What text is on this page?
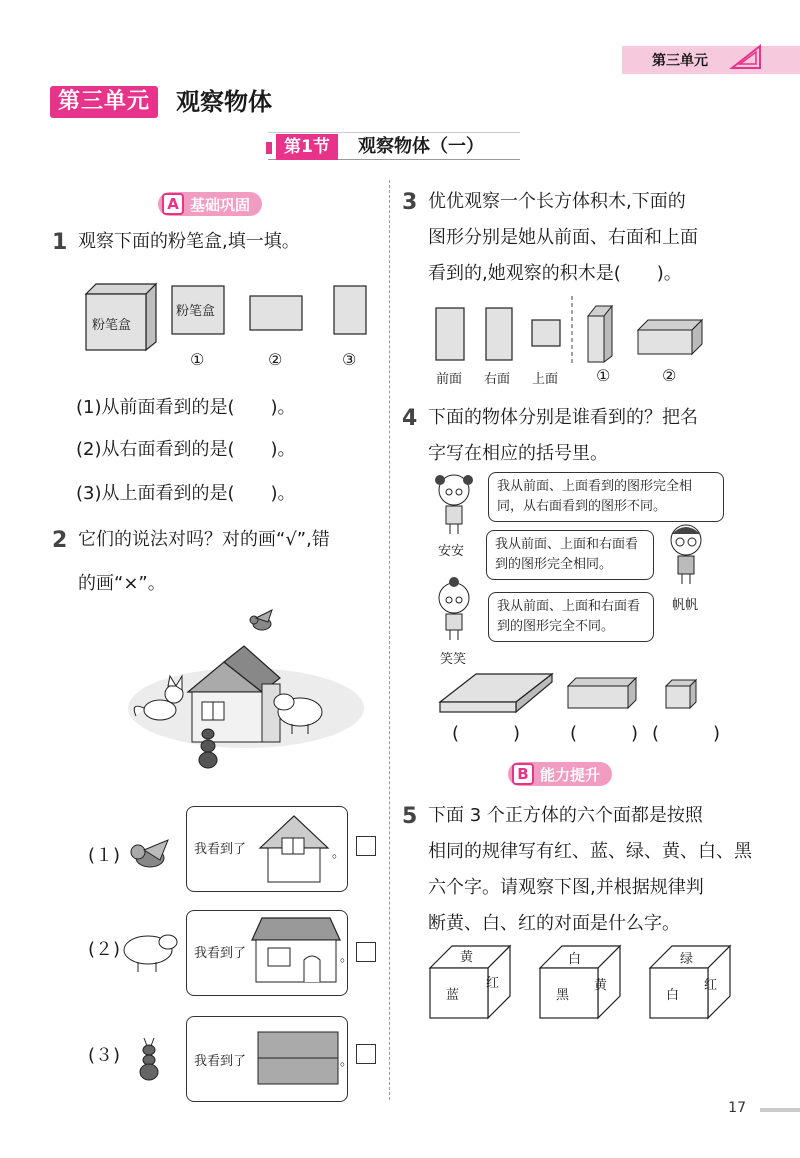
第三单元
第三单元	观察物体
第1节	观察物体（一）
A 基础巩固
1 观察下面的粉笔盒,填一填。
粉笔盒
粉笔盒
①	②	③
(1)从前面看到的是(　　)。
(2)从右面看到的是(　　)。
(3)从上面看到的是(　　)。
2 它们的说法对吗？对的画“√”,错
的画“×”。
(１)	我看到了	。
(２)	我看到了	。
(３)	我看到了	。
3 优优观察一个长方体积木,下面的
图形分别是她从前面、右面和上面
看到的,她观察的积木是(　　)。
前面 右面 上面 ①	②
4 下面的物体分别是谁看到的？把名
字写在相应的括号里。
安安
我从前面、上面看到的图形完全相同，从右面看到的图形不同。
我从前面、上面和右面看到的图形完全相同。
帆帆
笑笑
我从前面、上面和右面看到的图形完全不同。
(　　　)	(　　　) (　　　)
B 能力提升
5 下面 3 个正方体的六个面都是按照
相同的规律写有红、蓝、绿、黄、白、黑
六个字。请观察下图,并根据规律判
断黄、白、红的对面是什么字。
黄
蓝
红
白
黑
黄
绿
白
红
17
